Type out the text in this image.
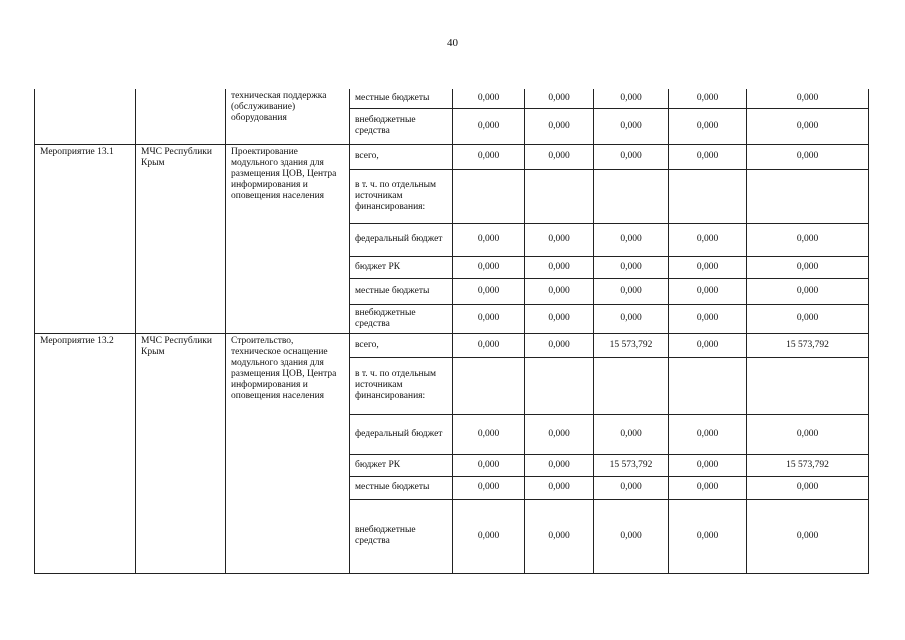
40
		техническая поддержка (обслуживание) оборудования	местные бюджеты	0,000	0,000	0,000	0,000	0,000
			внебюджетные средства	0,000	0,000	0,000	0,000	0,000
Мероприятие 13.1	МЧС Республики Крым	Проектирование модульного здания для размещения ЦОВ, Центра информирования и оповещения населения	всего,	0,000	0,000	0,000	0,000	0,000
			в т. ч. по отдельным источникам финансирования:					
			федеральный бюджет	0,000	0,000	0,000	0,000	0,000
			бюджет РК	0,000	0,000	0,000	0,000	0,000
			местные бюджеты	0,000	0,000	0,000	0,000	0,000
			внебюджетные средства	0,000	0,000	0,000	0,000	0,000
Мероприятие 13.2	МЧС Республики Крым	Строительство, техническое оснащение модульного здания для размещения ЦОВ, Центра информирования и оповещения населения	всего,	0,000	0,000	15 573,792	0,000	15 573,792
			в т. ч. по отдельным источникам финансирования:					
			федеральный бюджет	0,000	0,000	0,000	0,000	0,000
			бюджет РК	0,000	0,000	15 573,792	0,000	15 573,792
			местные бюджеты	0,000	0,000	0,000	0,000	0,000
			внебюджетные средства	0,000	0,000	0,000	0,000	0,000
